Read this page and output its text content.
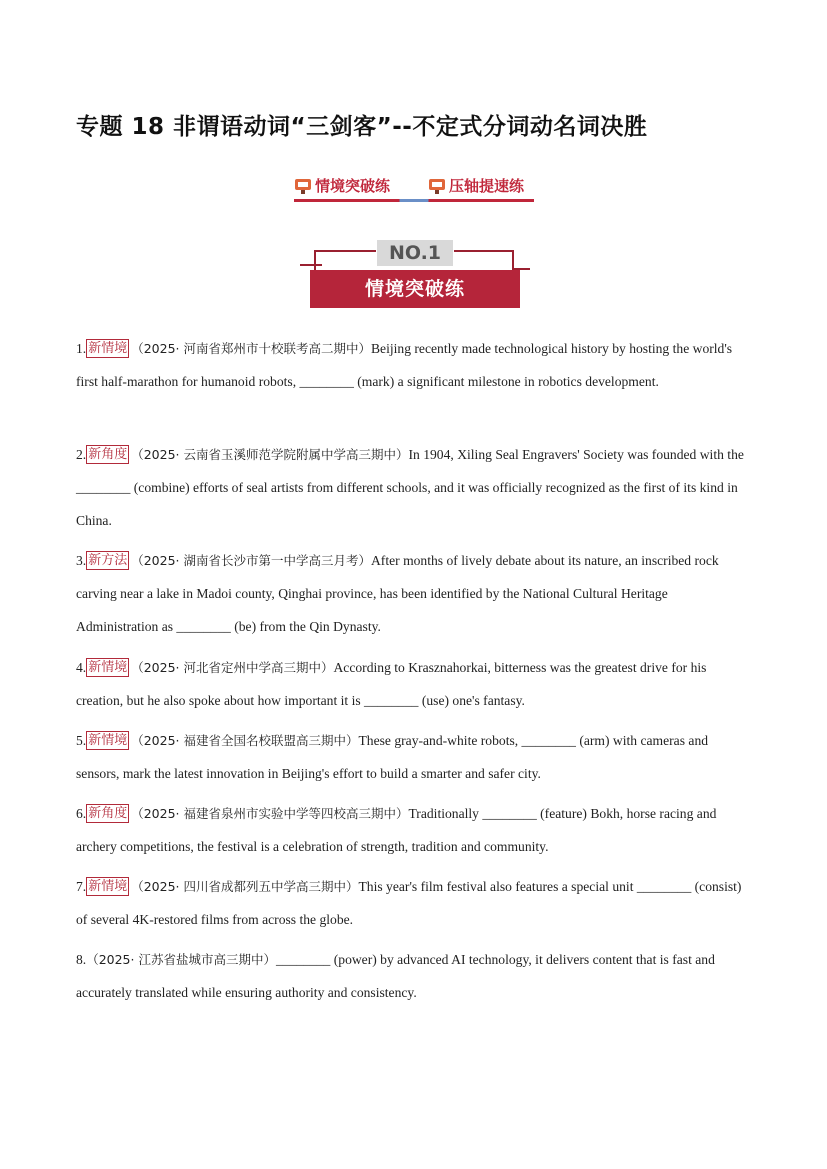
专题 18 非谓语动词“三剑客”--不定式分词动名词决胜
情境突破练	压轴提速练
NO.1
情境突破练
1. 新情境 （2025· 河南省郑州市十校联考高二期中）Beijing recently made technological history by hosting the world's first half-marathon for humanoid robots, ________ (mark) a significant milestone in robotics development.
2. 新角度 （2025· 云南省玉溪师范学院附属中学高三期中）In 1904, Xiling Seal Engravers' Society was founded with the ________ (combine) efforts of seal artists from different schools, and it was officially recognized as the first of its kind in China.
3. 新方法 （2025· 湖南省长沙市第一中学高三月考）After months of lively debate about its nature, an inscribed rock carving near a lake in Madoi county, Qinghai province, has been identified by the National Cultural Heritage Administration as ________ (be) from the Qin Dynasty.
4. 新情境 （2025· 河北省定州中学高三期中）According to Krasznahorkai, bitterness was the greatest drive for his creation, but he also spoke about how important it is ________ (use) one's fantasy.
5. 新情境 （2025· 福建省全国名校联盟高三期中）These gray-and-white robots, ________ (arm) with cameras and sensors, mark the latest innovation in Beijing's effort to build a smarter and safer city.
6. 新角度 （2025· 福建省泉州市实验中学等四校高三期中）Traditionally ________ (feature) Bokh, horse racing and archery competitions, the festival is a celebration of strength, tradition and community.
7. 新情境 （2025· 四川省成都列五中学高三期中）This year's film festival also features a special unit ________ (consist) of several 4K-restored films from across the globe.
8.（2025· 江苏省盐城市高三期中）________ (power) by advanced AI technology, it delivers content that is fast and accurately translated while ensuring authority and consistency.
